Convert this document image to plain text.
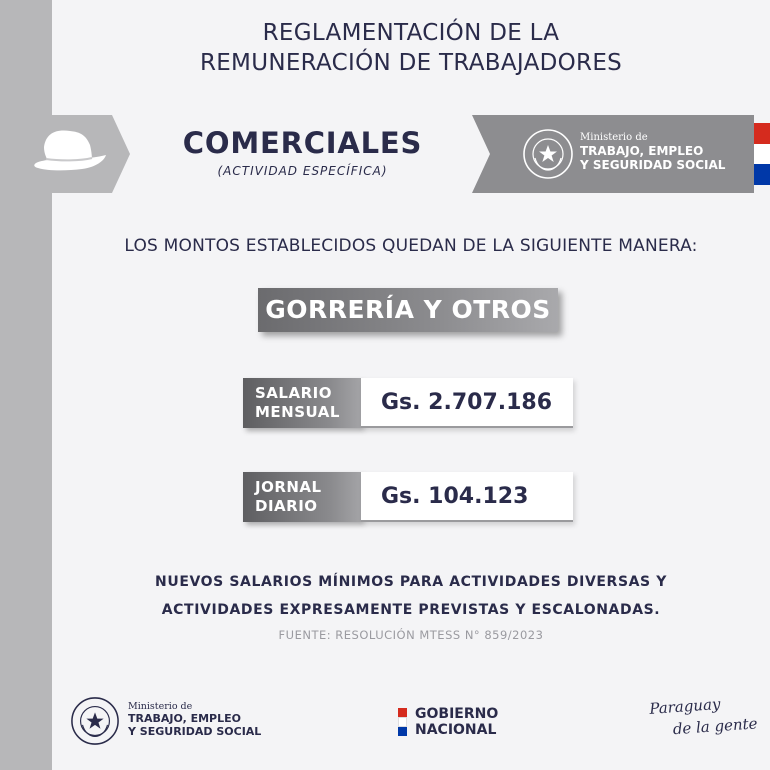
REGLAMENTACIÓN DE LA
REMUNERACIÓN DE TRABAJADORES
COMERCIALES
(ACTIVIDAD ESPECÍFICA)
Ministerio de
TRABAJO, EMPLEO
Y SEGURIDAD SOCIAL
LOS MONTOS ESTABLECIDOS QUEDAN DE LA SIGUIENTE MANERA:
GORRERÍA Y OTROS
SALARIO
MENSUAL	Gs. 2.707.186
JORNAL
DIARIO	Gs. 104.123
NUEVOS SALARIOS MÍNIMOS PARA ACTIVIDADES DIVERSAS Y
ACTIVIDADES EXPRESAMENTE PREVISTAS Y ESCALONADAS.
FUENTE: RESOLUCIÓN MTESS N° 859/2023
Ministerio de
TRABAJO, EMPLEO
Y SEGURIDAD SOCIAL
GOBIERNO
NACIONAL
Paraguay
de la gente
